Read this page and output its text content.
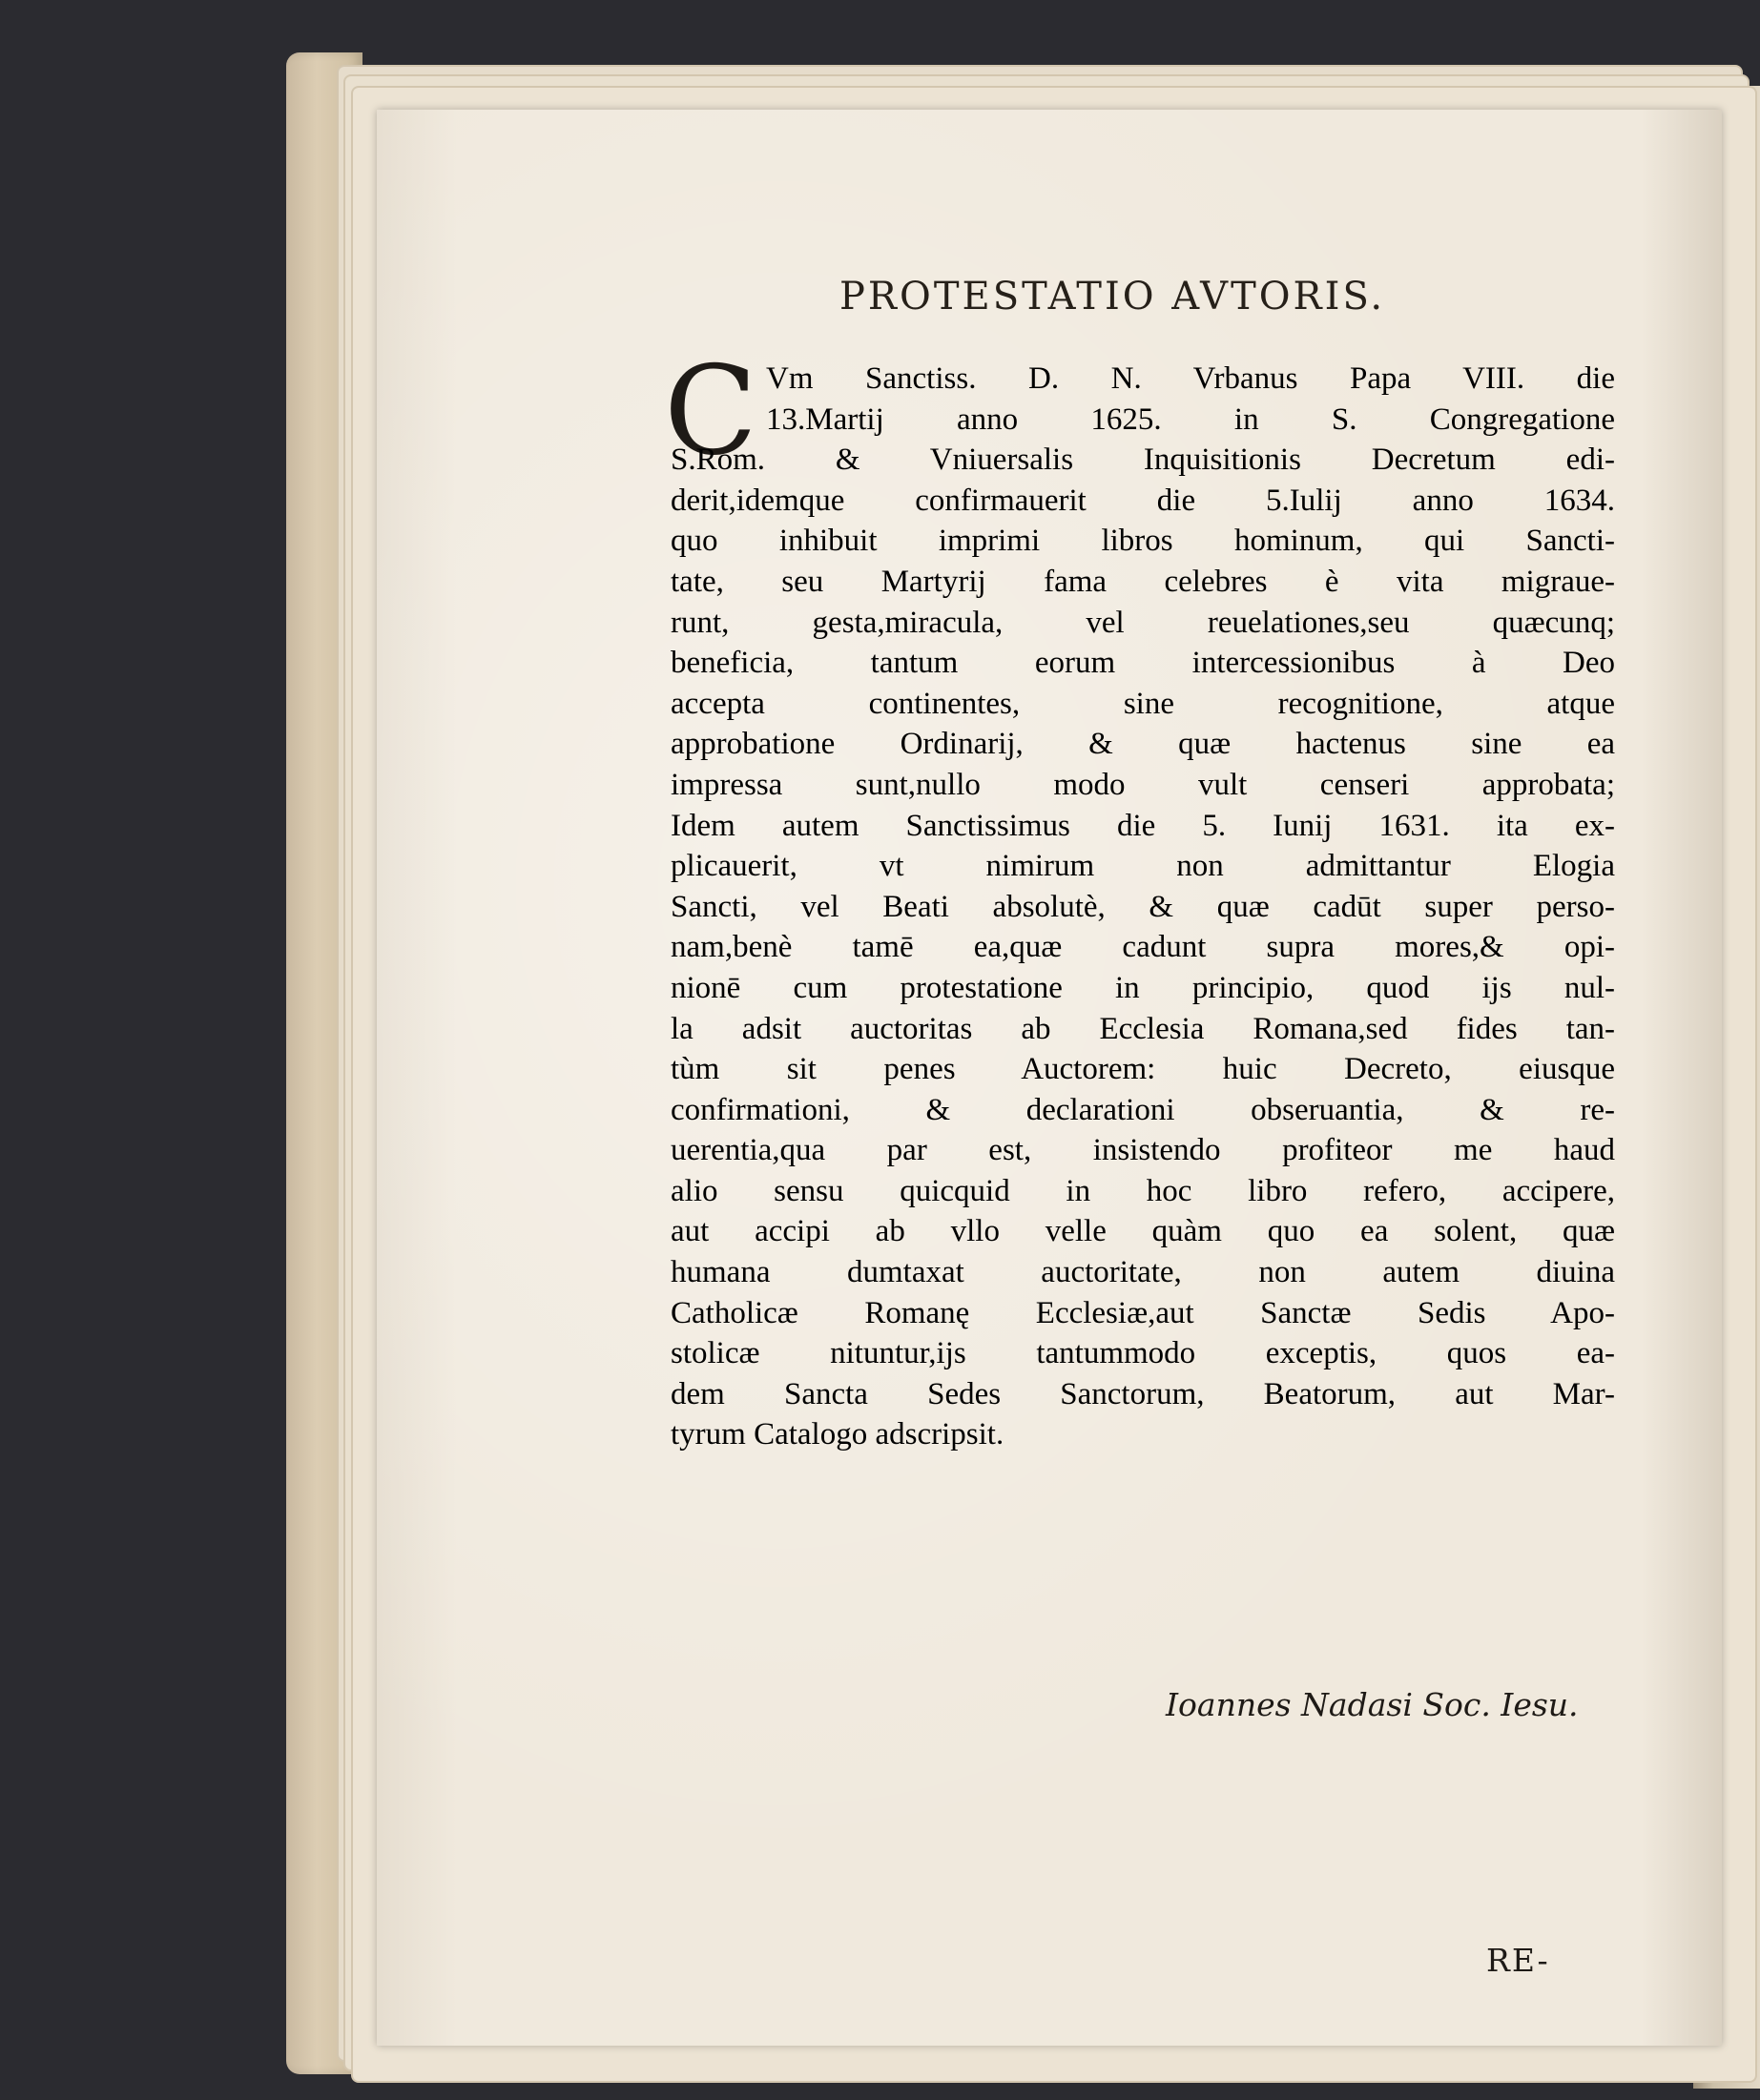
PROTESTATIO AVTORIS.
C Vm Sanctiss. D. N. Vrbanus Papa VIII. die
13.Martij anno 1625. in S. Congregatione
S.Rom. & Vniuersalis Inquisitionis Decretum edi-
derit,idemque confirmauerit die 5.Iulij anno 1634.
quo inhibuit imprimi libros hominum, qui Sancti-
tate, seu Martyrij fama celebres è vita migraue-
runt, gesta,miracula, vel reuelationes,seu quæcunq;
beneficia, tantum eorum intercessionibus à Deo
accepta continentes, sine recognitione, atque
approbatione Ordinarij, & quæ hactenus sine ea
impressa sunt,nullo modo vult censeri approbata;
Idem autem Sanctissimus die 5. Iunij 1631. ita ex-
plicauerit, vt nimirum non admittantur Elogia
Sancti, vel Beati absolutè, & quæ cadūt super perso-
nam,benè tamē ea,quæ cadunt supra mores,& opi-
nionē cum protestatione in principio, quod ijs nul-
la adsit auctoritas ab Ecclesia Romana,sed fides tan-
tùm sit penes Auctorem: huic Decreto, eiusque
confirmationi, & declarationi obseruantia, & re-
uerentia,qua par est, insistendo profiteor me haud
alio sensu quicquid in hoc libro refero, accipere,
aut accipi ab vllo velle quàm quo ea solent, quæ
humana dumtaxat auctoritate, non autem diuina
Catholicæ Romanę Ecclesiæ,aut Sanctæ Sedis Apo-
stolicæ nituntur,ijs tantummodo exceptis, quos ea-
dem Sancta Sedes Sanctorum, Beatorum, aut Mar-
tyrum Catalogo adscripsit.
Ioannes Nadasi Soc. Iesu.
RE-
